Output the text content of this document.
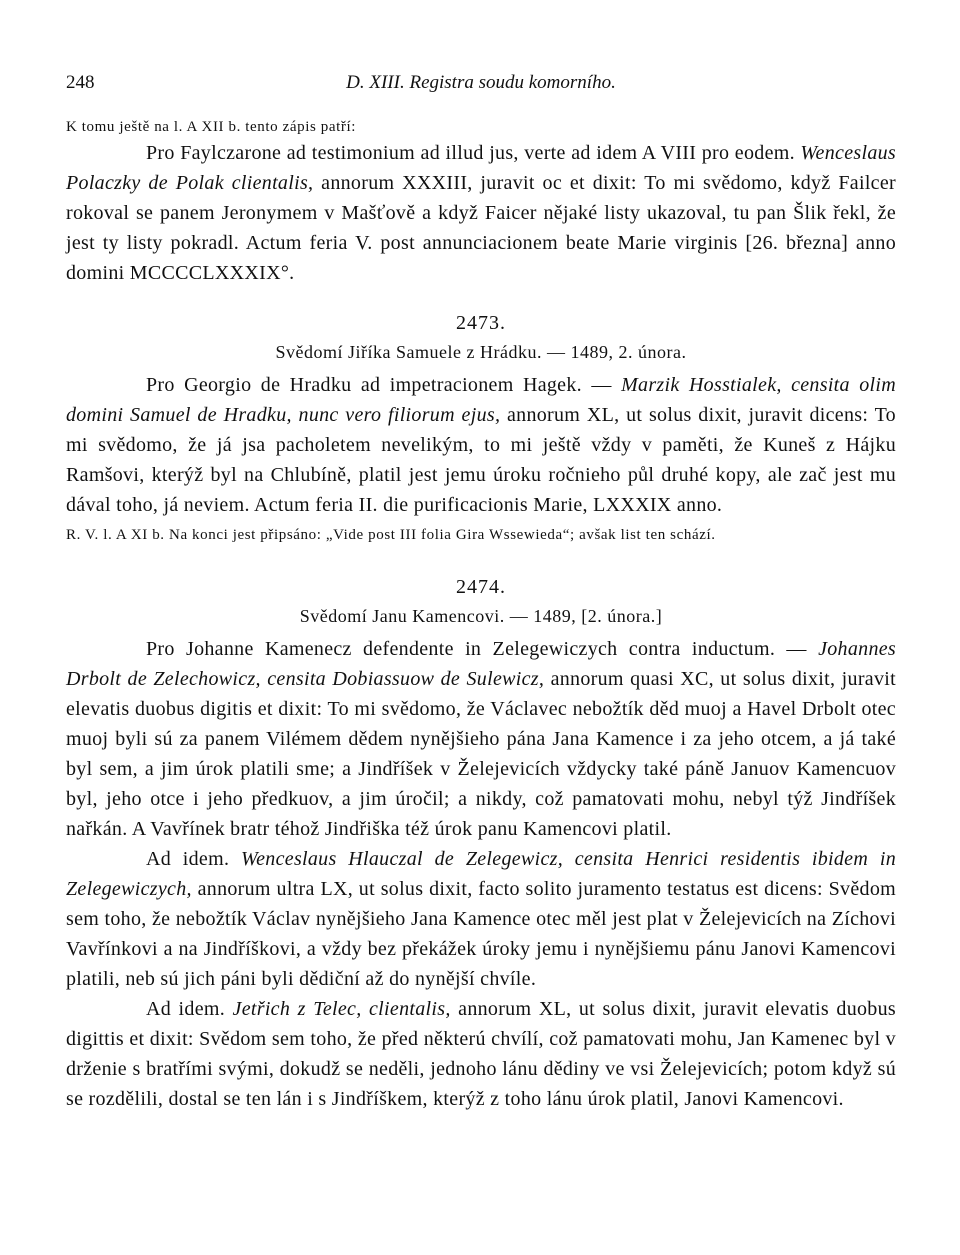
248	D. XIII. Registra soudu komorního.
K tomu ještě na l. A XII b. tento zápis patří:

Pro Faylczarone ad testimonium ad illud jus, verte ad idem A VIII pro eodem. Wenceslaus Polaczky de Polak clientalis, annorum XXXIII, juravit oc et dixit: To mi svědomo, když Failcer rokoval se panem Jeronymem v Mašťově a když Faicer nějaké listy ukazoval, tu pan Šlik řekl, že jest ty listy pokradl. Actum feria V. post annunciacionem beate Marie virginis [26. března] anno domini MCCCCLXXXIX°.

2473.

Svědomí Jiříka Samuele z Hrádku. — 1489, 2. února.

Pro Georgio de Hradku ad impetracionem Hagek. — Marzik Hosstialek, censita olim domini Samuel de Hradku, nunc vero filiorum ejus, annorum XL, ut solus dixit, juravit dicens: To mi svědomo, že já jsa pacholetem nevelikým, to mi ještě vždy v paměti, že Kuneš z Hájku Ramšovi, kterýž byl na Chlubíně, platil jest jemu úroku ročnieho půl druhé kopy, ale zač jest mu dával toho, já neviem. Actum feria II. die purificacionis Marie, LXXXIX anno.

R. V. l. A XI b. Na konci jest připsáno: „Vide post III folia Gira Wssewieda“; avšak list ten schází.

2474.

Svědomí Janu Kamencovi. — 1489, [2. února.]

Pro Johanne Kamenecz defendente in Zelegewiczych contra inductum. — Johannes Drbolt de Zelechowicz, censita Dobiassuow de Sulewicz, annorum quasi XC, ut solus dixit, juravit elevatis duobus digitis et dixit: To mi svědomo, že Václavec nebožtík děd muoj a Havel Drbolt otec muoj byli sú za panem Vilémem dědem nynějšieho pána Jana Kamence i za jeho otcem, a já také byl sem, a jim úrok platili sme; a Jindříšek v Želejevicích vždycky také páně Januov Kamencuov byl, jeho otce i jeho předkuov, a jim úročil; a nikdy, což pamatovati mohu, nebyl týž Jindříšek nařkán. A Vavřínek bratr téhož Jindřiška též úrok panu Kamencovi platil.

Ad idem. Wenceslaus Hlauczal de Zelegewicz, censita Henrici residentis ibidem in Zelegewiczych, annorum ultra LX, ut solus dixit, facto solito juramento testatus est dicens: Svědom sem toho, že nebožtík Václav nynějšieho Jana Kamence otec měl jest plat v Želejevicích na Zíchovi Vavřínkovi a na Jindříškovi, a vždy bez překážek úroky jemu i nynějšiemu pánu Janovi Kamencovi platili, neb sú jich páni byli dědiční až do nynější chvíle.

Ad idem. Jetřich z Telec, clientalis, annorum XL, ut solus dixit, juravit elevatis duobus digittis et dixit: Svědom sem toho, že před některú chvílí, což pamatovati mohu, Jan Kamenec byl v drženie s bratřími svými, dokudž se neděli, jednoho lánu dědiny ve vsi Želejevicích; potom když sú se rozdělili, dostal se ten lán i s Jindříškem, kterýž z toho lánu úrok platil, Janovi Kamencovi.
